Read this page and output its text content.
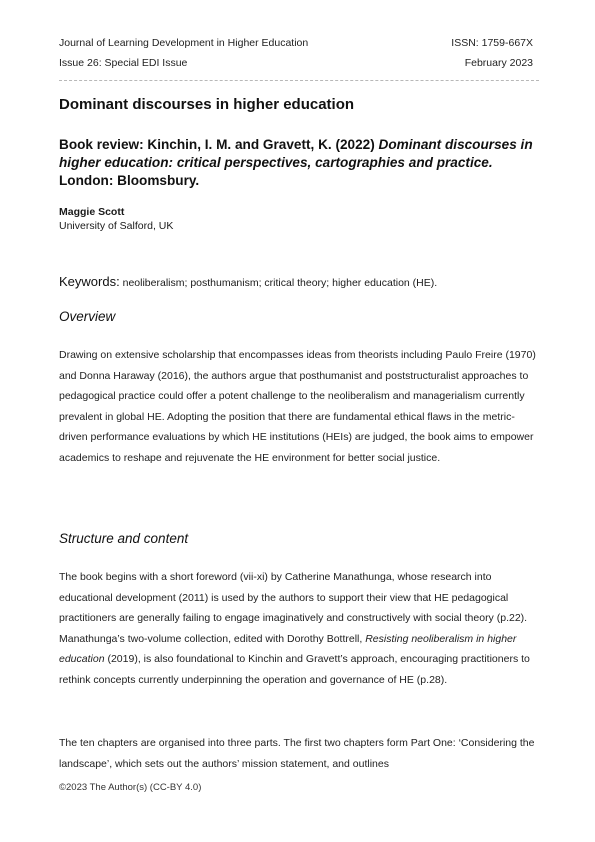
Journal of Learning Development in Higher Education	ISSN: 1759-667X
Issue 26: Special EDI Issue	February 2023
Dominant discourses in higher education
Book review: Kinchin, I. M. and Gravett, K. (2022) Dominant discourses in higher education: critical perspectives, cartographies and practice. London: Bloomsbury.
Maggie Scott
University of Salford, UK
Keywords: neoliberalism; posthumanism; critical theory; higher education (HE).
Overview
Drawing on extensive scholarship that encompasses ideas from theorists including Paulo Freire (1970) and Donna Haraway (2016), the authors argue that posthumanist and poststructuralist approaches to pedagogical practice could offer a potent challenge to the neoliberalism and managerialism currently prevalent in global HE. Adopting the position that there are fundamental ethical flaws in the metric-driven performance evaluations by which HE institutions (HEIs) are judged, the book aims to empower academics to reshape and rejuvenate the HE environment for better social justice.
Structure and content
The book begins with a short foreword (vii-xi) by Catherine Manathunga, whose research into educational development (2011) is used by the authors to support their view that HE pedagogical practitioners are generally failing to engage imaginatively and constructively with social theory (p.22). Manathunga’s two-volume collection, edited with Dorothy Bottrell, Resisting neoliberalism in higher education (2019), is also foundational to Kinchin and Gravett’s approach, encouraging practitioners to rethink concepts currently underpinning the operation and governance of HE (p.28).
The ten chapters are organised into three parts. The first two chapters form Part One: ‘Considering the landscape’, which sets out the authors’ mission statement, and outlines
©2023 The Author(s) (CC-BY 4.0)
